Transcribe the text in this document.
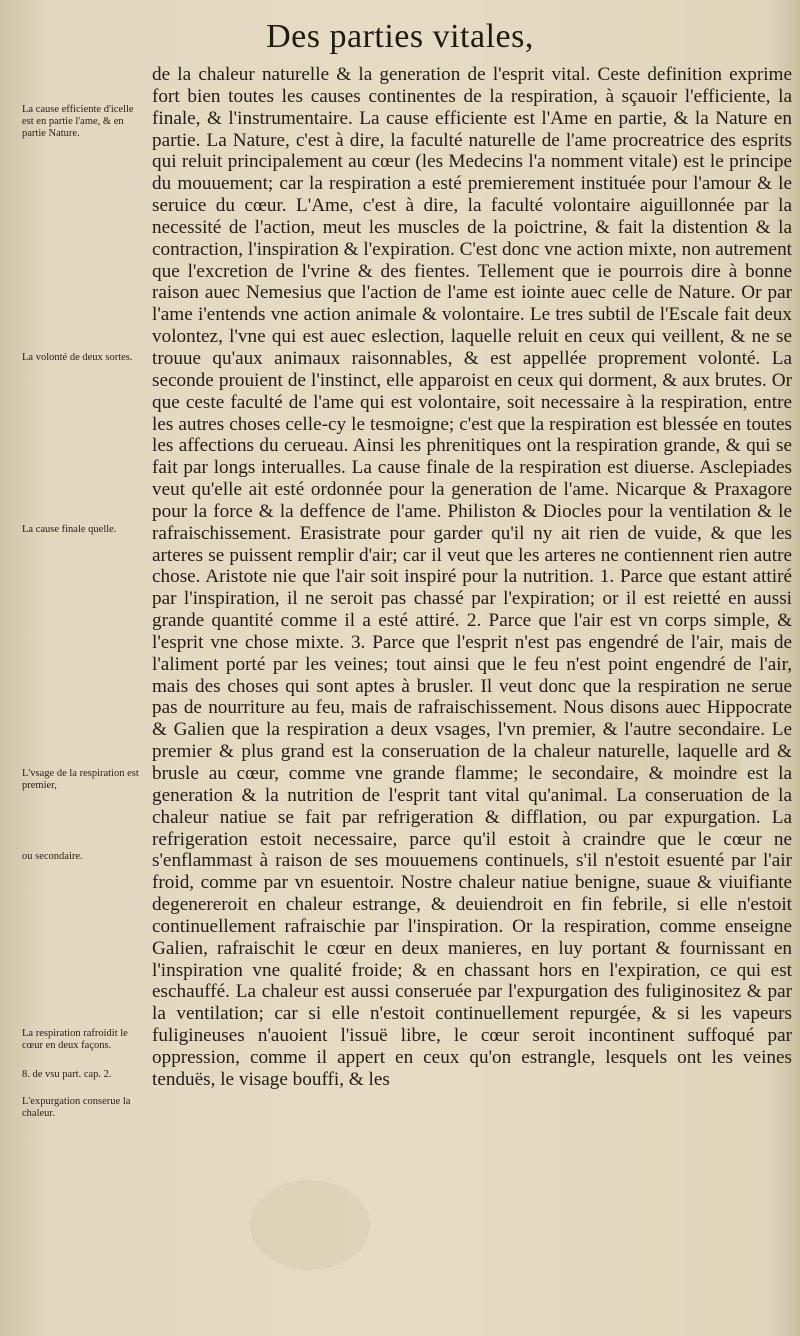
Des parties vitales,
La cause efficiente d'icelle est en partie l'ame, & en partie Nature.
La volonté de deux sortes.
La cause finale quelle.
L'vsage de la respiration est premier,
ou secondaire.
La respiration rafroidit le cœur en deux façons.
8. de vsu part. cap. 2.
L'expurgation conserue la chaleur.

de la chaleur naturelle & la generation de l'esprit vital. Ceste definition exprime fort bien toutes les causes continentes de la respiration, à sçauoir l'efficiente, la finale, & l'instrumentaire. La cause efficiente est l'Ame en partie, & la Nature en partie. La Nature, c'est à dire, la faculté naturelle de l'ame procreatrice des esprits qui reluit principalement au cœur (les Medecins l'a nomment vitale) est le principe du mouuement; car la respiration a esté premierement instituée pour l'amour & le seruice du cœur. L'Ame, c'est à dire, la faculté volontaire aiguillonnée par la necessité de l'action, meut les muscles de la poictrine, & fait la distention & la contraction, l'inspiration & l'expiration. C'est donc vne action mixte, non autrement que l'excretion de l'vrine & des fientes. Tellement que ie pourrois dire à bonne raison auec Nemesius que l'action de l'ame est iointe auec celle de Nature. Or par l'ame i'entends vne action animale & volontaire. Le tres subtil de l'Escale fait deux volontez, l'vne qui est auec eslection, laquelle reluit en ceux qui veillent, & ne se trouue qu'aux animaux raisonnables, & est appellée proprement volonté. La seconde prouient de l'instinct, elle apparoist en ceux qui dorment, & aux brutes. Or que ceste faculté de l'ame qui est volontaire, soit necessaire à la respiration, entre les autres choses celle-cy le tesmoigne; c'est que la respiration est blessée en toutes les affections du cerueau. Ainsi les phrenitiques ont la respiration grande, & qui se fait par longs interualles. La cause finale de la respiration est diuerse. Asclepiades veut qu'elle ait esté ordonnée pour la generation de l'ame. Nicarque & Praxagore pour la force & la deffence de l'ame. Philiston & Diocles pour la ventilation & le rafraischissement. Erasistrate pour garder qu'il ny ait rien de vuide, & que les arteres se puissent remplir d'air; car il veut que les arteres ne contiennent rien autre chose. Aristote nie que l'air soit inspiré pour la nutrition. 1. Parce que estant attiré par l'inspiration, il ne seroit pas chassé par l'expiration; or il est reietté en aussi grande quantité comme il a esté attiré. 2. Parce que l'air est vn corps simple, & l'esprit vne chose mixte. 3. Parce que l'esprit n'est pas engendré de l'air, mais de l'aliment porté par les veines; tout ainsi que le feu n'est point engendré de l'air, mais des choses qui sont aptes à brusler. Il veut donc que la respiration ne serue pas de nourriture au feu, mais de rafraischissement. Nous disons auec Hippocrate & Galien que la respiration a deux vsages, l'vn premier, & l'autre secondaire. Le premier & plus grand est la conseruation de la chaleur naturelle, laquelle ard & brusle au cœur, comme vne grande flamme; le secondaire, & moindre est la generation & la nutrition de l'esprit tant vital qu'animal. La conseruation de la chaleur natiue se fait par refrigeration & difflation, ou par expurgation. La refrigeration estoit necessaire, parce qu'il estoit à craindre que le cœur ne s'enflammast à raison de ses mouuemens continuels, s'il n'estoit esuenté par l'air froid, comme par vn esuentoir. Nostre chaleur natiue benigne, suaue & viuifiante degenereroit en chaleur estrange, & deuiendroit en fin febrile, si elle n'estoit continuellement rafraischie par l'inspiration. Or la respiration, comme enseigne Galien, rafraischit le cœur en deux manieres, en luy portant & fournissant en l'inspiration vne qualité froide; & en chassant hors en l'expiration, ce qui est eschauffé. La chaleur est aussi conseruée par l'expurgation des fuliginositez & par la ventilation; car si elle n'estoit continuellement repurgée, & si les vapeurs fuligineuses n'auoient l'issuë libre, le cœur seroit incontinent suffoqué par oppression, comme il appert en ceux qu'on estrangle, lesquels ont les veines tenduës, le visage bouffi, & les
